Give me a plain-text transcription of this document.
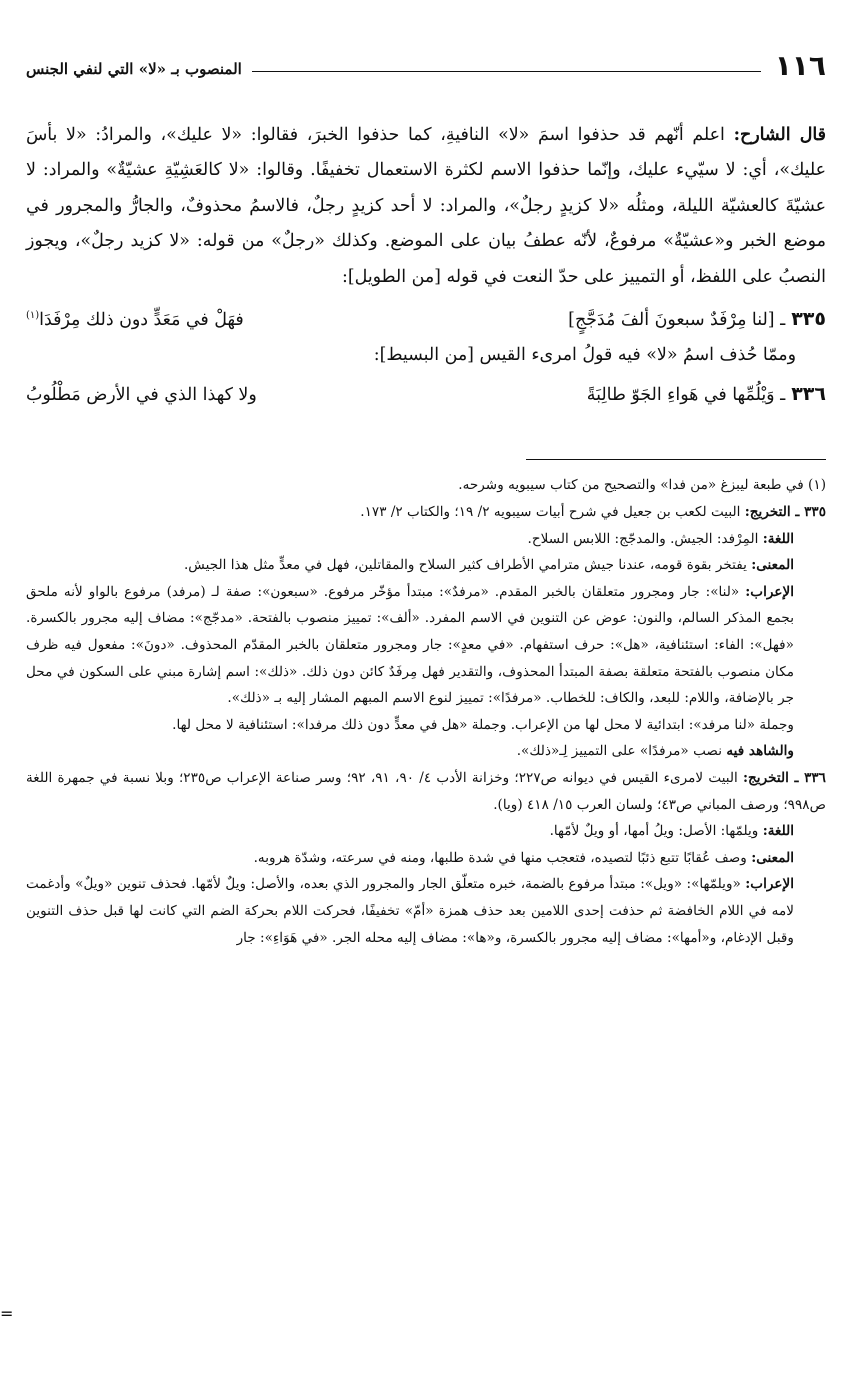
١١٦
المنصوب بـ «لا» التي لنفي الجنس

قال الشارح: اعلم أنّهم قد حذفوا اسمَ «لا» النافيةِ، كما حذفوا الخبرَ، فقالوا: «لا عليك»، والمرادُ: «لا بأسَ عليك»، أي: لا سيّيء عليك، وإنّما حذفوا الاسم لكثرة الاستعمال تخفيفًا. وقالوا: «لا كالعَشِيّةِ عشيّةٌ» والمراد: لا عشيّةَ كالعشيّة الليلة، ومثلُه «لا كزيدٍ رجلٌ»، والمراد: لا أحد كزيدٍ رجلٌ، فالاسمُ محذوفٌ، والجارُّ والمجرور في موضع الخبر و«عشيّةٌ» مرفوعٌ، لأنّه عطفُ بيان على الموضع. وكذلك «رجلٌ» من قوله: «لا كزيد رجلٌ»، ويجوز النصبُ على اللفظ، أو التمييز على حدّ النعت في قوله [من الطويل]:

٣٣٥
ـ [لنا مِرْفَدٌ سبعونَ ألفَ مُدَجَّجٍ]
فهَلْ في مَعَدٍّ دون ذلك مِرْفَدَا$^{(١)}$

وممّا حُذف اسمُ «لا» فيه قولُ امرىء القيس [من البسيط]:

٣٣٦
ـ وَيْلُمِّها في هَواءِ الجَوّ طالِبَةً
ولا كهذا الذي في الأرض مَطْلُوبُ

(١) في طبعة ليبزغ «من فدا» والتصحيح من كتاب سيبويه وشرحه.

٣٣٥ ـ التخريج: البيت لكعب بن جعيل في شرح أبيات سيبويه ٢/ ١٩؛ والكتاب ٢/ ١٧٣.

اللغة: المِرْفد: الجيش. والمدجّج: اللابس السلاح.

المعنى: يفتخر بقوة قومه، عندنا جيش مترامي الأطراف كثير السلاح والمقاتلين، فهل في معدٍّ مثل هذا الجيش.

الإعراب: «لنا»: جار ومجرور متعلقان بالخبر المقدم. «مرفدٌ»: مبتدأ مؤخّر مرفوع. «سبعون»: صفة لـ (مرفد) مرفوع بالواو لأنه ملحق بجمع المذكر السالم، والنون: عوض عن التنوين في الاسم المفرد. «ألف»: تمييز منصوب بالفتحة. «مدجّج»: مضاف إليه مجرور بالكسرة. «فهل»: الفاء: استئنافية، «هل»: حرف استفهام. «في معدٍ»: جار ومجرور متعلقان بالخبر المقدّم المحذوف. «دونَ»: مفعول فيه ظرف مكان منصوب بالفتحة متعلقة بصفة المبتدأ المحذوف، والتقدير فهل مِرفَدٌ كائن دون ذلك. «ذلك»: اسم إشارة مبني على السكون في محل جر بالإضافة، واللام: للبعد، والكاف: للخطاب. «مرفدًا»: تمييز لنوع الاسم المبهم المشار إليه بـ «ذلك».

وجملة «لنا مرفد»: ابتدائية لا محل لها من الإعراب. وجملة «هل في معدٍّ دون ذلك مرفدا»: استئنافية لا محل لها.

والشاهد فيه نصب «مرفدًا» على التمييز لِـ«ذلك».

٣٣٦ ـ التخريج: البيت لامرىء القيس في ديوانه ص٢٢٧؛ وخزانة الأدب ٤/ ٩٠، ٩١، ٩٢؛ وسر صناعة الإعراب ص٢٣٥؛ وبلا نسبة في جمهرة اللغة ص٩٩٨؛ ورصف المباني ص٤٣؛ ولسان العرب ١٥/ ٤١٨ (ويا).

اللغة: ويلمّها: الأصل: ويلُ أمها، أو ويلٌ لأمّها.

المعنى: وصف عُقابًا تتبع ذئبًا لتصيده، فتعجب منها في شدة طلبها، ومنه في سرعته، وشدّة هروبه.

الإعراب: «ويلمّها»: «ويل»: مبتدأ مرفوع بالضمة، خبره متعلّق الجار والمجرور الذي بعده، والأصل: ويلٌ لأمّها. فحذف تنوين «ويلٌ» وأدغمت لامه في اللام الخافضة ثم حذفت إحدى اللامين بعد حذف همزة «أمّ» تخفيفًا، فحركت اللام بحركة الضم التي كانت لها قبل حذف التنوين وقبل الإدغام، و«أمها»: مضاف إليه مجرور بالكسرة، و«ها»: مضاف إليه محله الجر. «في هَوَاءِ»: جار

=
